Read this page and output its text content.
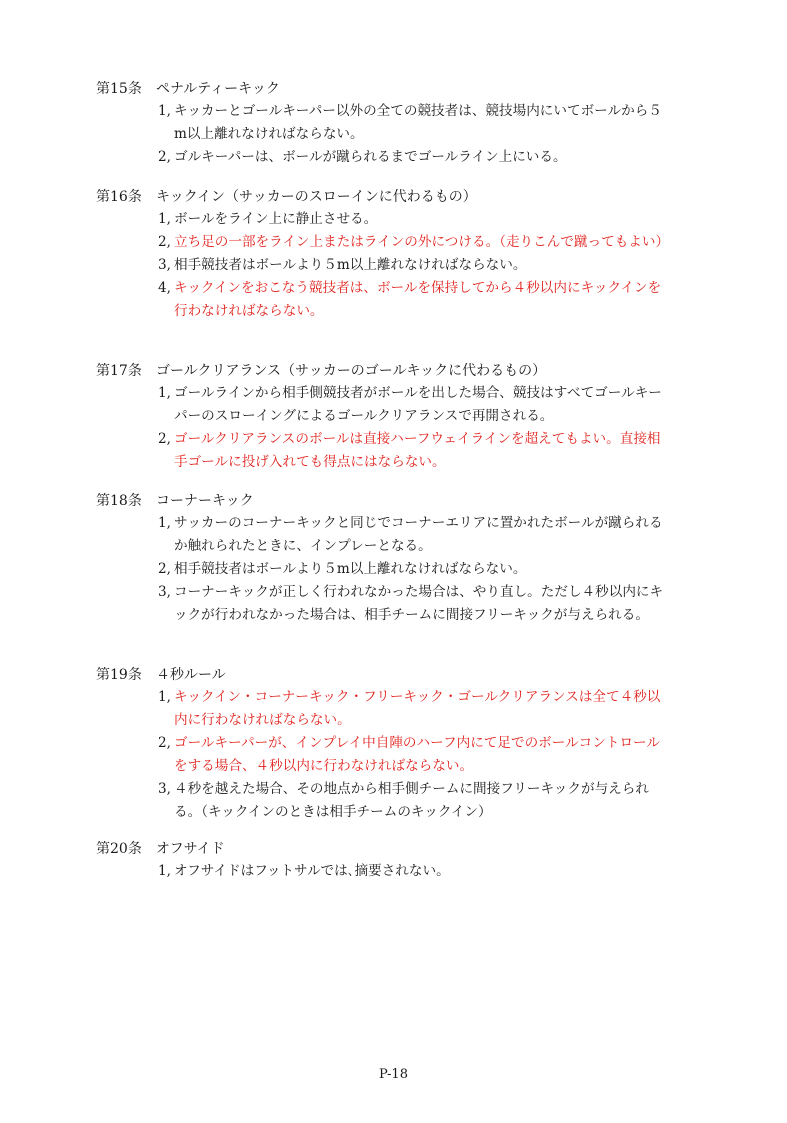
第15条 ペナルティーキック
1, キッカーとゴールキーパー以外の全ての競技者は、競技場内にいてボールから５m以上離れなければならない。
2, ゴルキーパーは、ボールが蹴られるまでゴールライン上にいる。
第16条 キックイン（サッカーのスローインに代わるもの）
1, ボールをライン上に静止させる。
2, 立ち足の一部をライン上またはラインの外につける。（走りこんで蹴ってもよい）
3, 相手競技者はボールより５m以上離れなければならない。
4, キックインをおこなう競技者は、ボールを保持してから４秒以内にキックインを行わなければならない。
第17条 ゴールクリアランス（サッカーのゴールキックに代わるもの）
1, ゴールラインから相手側競技者がボールを出した場合、競技はすべてゴールキーパーのスローイングによるゴールクリアランスで再開される。
2, ゴールクリアランスのボールは直接ハーフウェイラインを超えてもよい。直接相手ゴールに投げ入れても得点にはならない。
第18条 コーナーキック
1, サッカーのコーナーキックと同じでコーナーエリアに置かれたボールが蹴られるか触れられたときに、インプレーとなる。
2, 相手競技者はボールより５m以上離れなければならない。
3, コーナーキックが正しく行われなかった場合は、やり直し。ただし４秒以内にキックが行われなかった場合は、相手チームに間接フリーキックが与えられる。
第19条 ４秒ルール
1, キックイン・コーナーキック・フリーキック・ゴールクリアランスは全て４秒以内に行わなければならない。
2, ゴールキーパーが、インプレイ中自陣のハーフ内にて足でのボールコントロールをする場合、４秒以内に行わなければならない。
3, ４秒を越えた場合、その地点から相手側チームに間接フリーキックが与えられる。（キックインのときは相手チームのキックイン）
第20条 オフサイド
1, オフサイドはフットサルでは､摘要されない。
P-18
